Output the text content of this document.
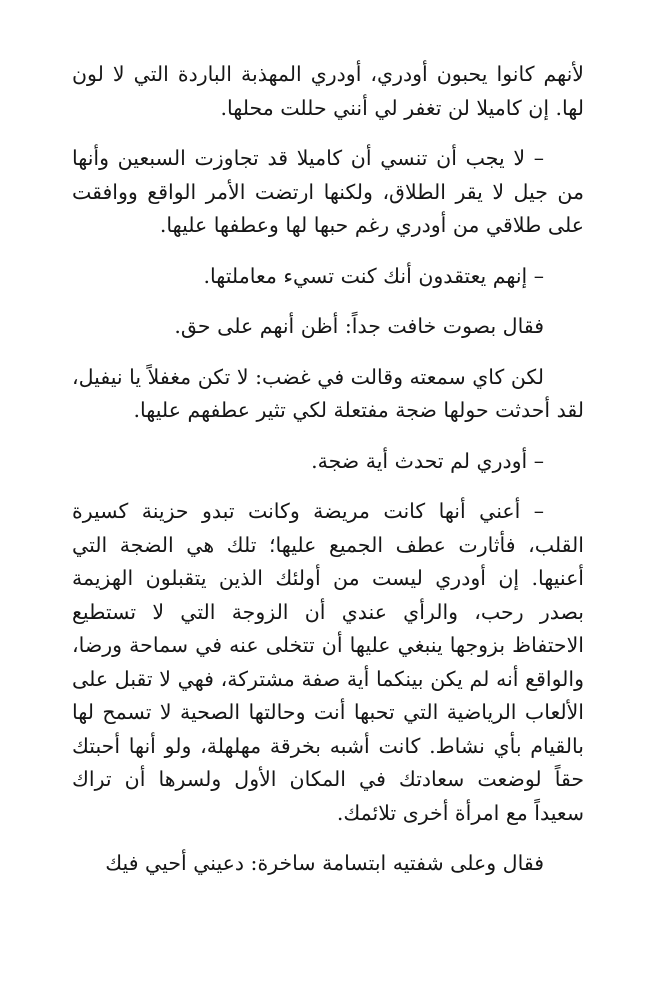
لأنهم كانوا يحبون أودري، أودري المهذبة الباردة التي لا لون لها. إن كاميلا لن تغفر لي أنني حللت محلها.

– لا يجب أن تنسي أن كاميلا قد تجاوزت السبعين وأنها من جيل لا يقر الطلاق، ولكنها ارتضت الأمر الواقع ووافقت على طلاقي من أودري رغم حبها لها وعطفها عليها.

– إنهم يعتقدون أنك كنت تسيء معاملتها.

فقال بصوت خافت جداً: أظن أنهم على حق.

لكن كاي سمعته وقالت في غضب: لا تكن مغفلاً يا نيفيل، لقد أحدثت حولها ضجة مفتعلة لكي تثير عطفهم عليها.

– أودري لم تحدث أية ضجة.

– أعني أنها كانت مريضة وكانت تبدو حزينة كسيرة القلب، فأثارت عطف الجميع عليها؛ تلك هي الضجة التي أعنيها. إن أودري ليست من أولئك الذين يتقبلون الهزيمة بصدر رحب، والرأي عندي أن الزوجة التي لا تستطيع الاحتفاظ بزوجها ينبغي عليها أن تتخلى عنه في سماحة ورضا، والواقع أنه لم يكن بينكما أية صفة مشتركة، فهي لا تقبل على الألعاب الرياضية التي تحبها أنت وحالتها الصحية لا تسمح لها بالقيام بأي نشاط. كانت أشبه بخرقة مهلهلة، ولو أنها أحبتك حقاً لوضعت سعادتك في المكان الأول ولسرها أن تراك سعيداً مع امرأة أخرى تلائمك.

فقال وعلى شفتيه ابتسامة ساخرة: دعيني أحيي فيك
